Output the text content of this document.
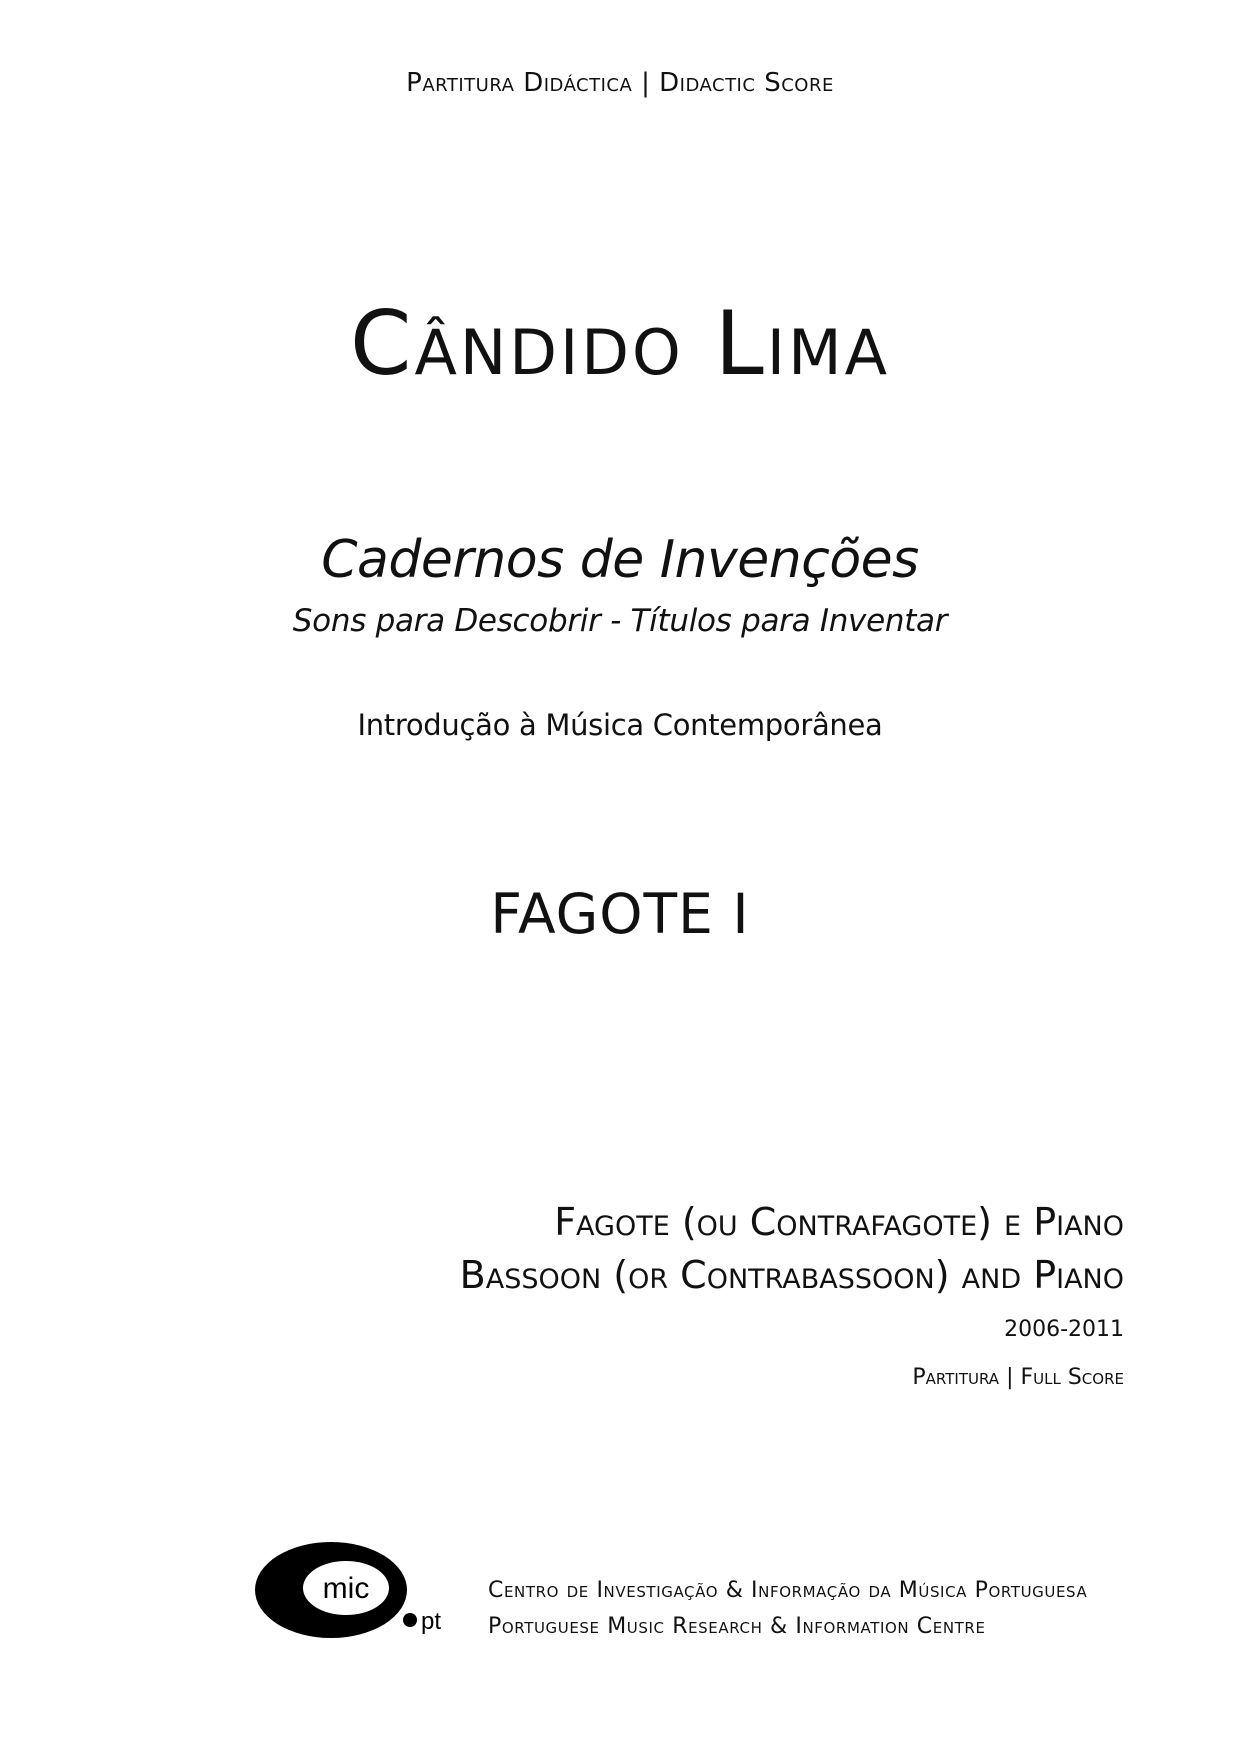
Partitura Didáctica | Didactic Score
Cândido Lima
Cadernos de Invenções
Sons para Descobrir - Títulos para Inventar
Introdução à Música Contemporânea
FAGOTE I
Fagote (ou Contrafagote) e Piano
Bassoon (or Contrabassoon) and Piano
2006-2011
Partitura | Full Score
mic
pt
Centro de Investigação & Informação da Música Portuguesa
Portuguese Music Research & Information Centre
